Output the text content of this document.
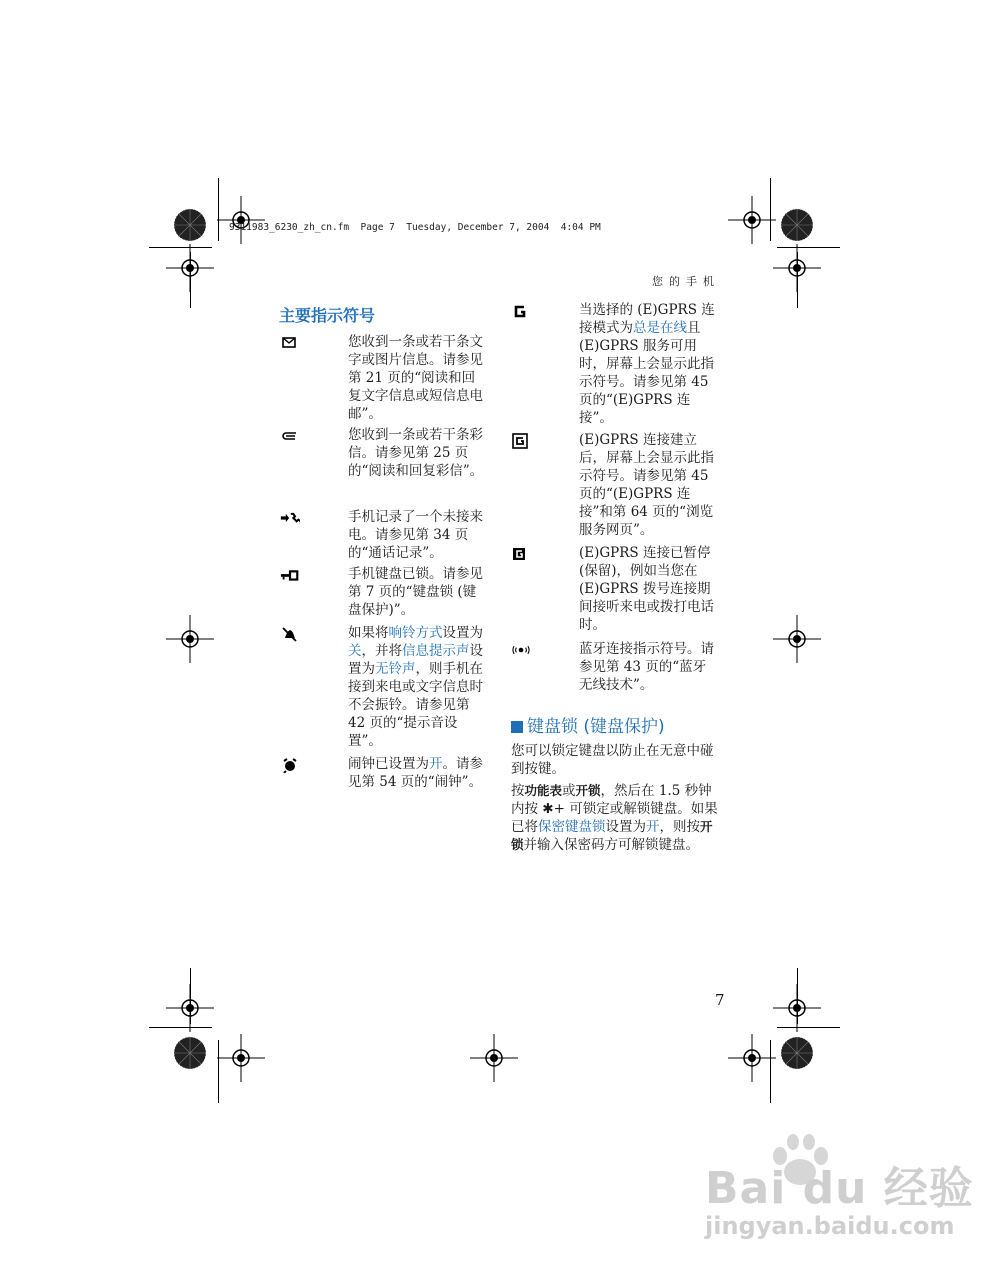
9311983_6230_zh_cn.fm  Page 7  Tuesday, December 7, 2004  4:04 PM
您的手机
主要指示符号
您收到一条或若干条文字或图片信息。请参见第 21 页的“阅读和回复文字信息或短信息电邮”。
您收到一条或若干条彩信。请参见第 25 页的“阅读和回复彩信”。
手机记录了一个未接来电。请参见第 34 页的“通话记录”。
手机键盘已锁。请参见第 7 页的“键盘锁 (键盘保护)”。
如果将响铃方式设置为关，并将信息提示声设置为无铃声，则手机在接到来电或文字信息时不会振铃。请参见第 42 页的“提示音设置”。
闹钟已设置为开。请参见第 54 页的“闹钟”。
当选择的 (E)GPRS 连接模式为总是在线且 (E)GPRS 服务可用时，屏幕上会显示此指示符号。请参见第 45 页的“(E)GPRS 连接”。
(E)GPRS 连接建立后，屏幕上会显示此指示符号。请参见第 45 页的“(E)GPRS 连接”和第 64 页的“浏览服务网页”。
(E)GPRS 连接已暂停 (保留)，例如当您在 (E)GPRS 拨号连接期间接听来电或拨打电话时。
蓝牙连接指示符号。请参见第 43 页的“蓝牙无线技术”。
键盘锁 (键盘保护)
您可以锁定键盘以防止在无意中碰到按键。
按功能表或开锁，然后在 1.5 秒钟内按 ✱+ 可锁定或解锁键盘。如果已将保密键盘锁设置为开，则按开锁并输入保密码方可解锁键盘。
7
Bai du 经验
jingyan.baidu.com
